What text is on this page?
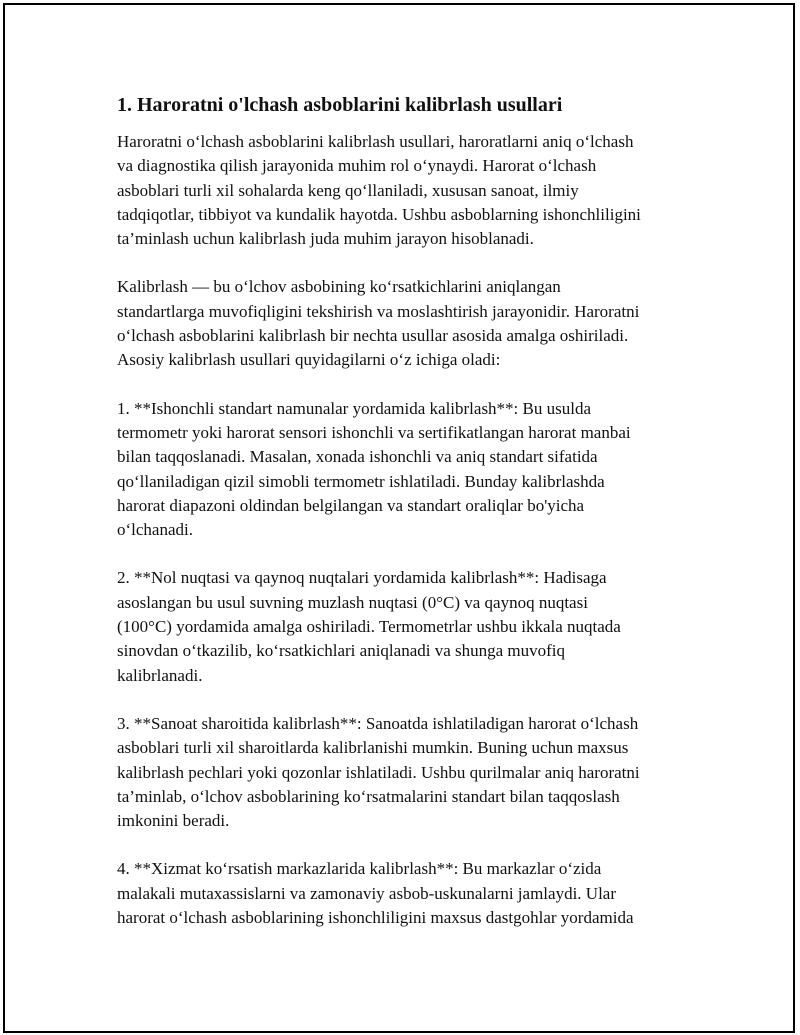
1. Haroratni o'lchash asboblarini kalibrlash usullari

Haroratni o‘lchash asboblarini kalibrlash usullari, haroratlarni aniq o‘lchash
va diagnostika qilish jarayonida muhim rol o‘ynaydi. Harorat o‘lchash
asboblari turli xil sohalarda keng qo‘llaniladi, xususan sanoat, ilmiy
tadqiqotlar, tibbiyot va kundalik hayotda. Ushbu asboblarning ishonchliligini
ta’minlash uchun kalibrlash juda muhim jarayon hisoblanadi.

Kalibrlash — bu o‘lchov asbobining ko‘rsatkichlarini aniqlangan
standartlarga muvofiqligini tekshirish va moslashtirish jarayonidir. Haroratni
o‘lchash asboblarini kalibrlash bir nechta usullar asosida amalga oshiriladi.
Asosiy kalibrlash usullari quyidagilarni o‘z ichiga oladi:

1. **Ishonchli standart namunalar yordamida kalibrlash**: Bu usulda
termometr yoki harorat sensori ishonchli va sertifikatlangan harorat manbai
bilan taqqoslanadi. Masalan, xonada ishonchli va aniq standart sifatida
qo‘llaniladigan qizil simobli termometr ishlatiladi. Bunday kalibrlashda
harorat diapazoni oldindan belgilangan va standart oraliqlar bo'yicha
o‘lchanadi.

2. **Nol nuqtasi va qaynoq nuqtalari yordamida kalibrlash**: Hadisaga
asoslangan bu usul suvning muzlash nuqtasi (0°C) va qaynoq nuqtasi
(100°C) yordamida amalga oshiriladi. Termometrlar ushbu ikkala nuqtada
sinovdan o‘tkazilib, ko‘rsatkichlari aniqlanadi va shunga muvofiq
kalibrlanadi.

3. **Sanoat sharoitida kalibrlash**: Sanoatda ishlatiladigan harorat o‘lchash
asboblari turli xil sharoitlarda kalibrlanishi mumkin. Buning uchun maxsus
kalibrlash pechlari yoki qozonlar ishlatiladi. Ushbu qurilmalar aniq haroratni
ta’minlab, o‘lchov asboblarining ko‘rsatmalarini standart bilan taqqoslash
imkonini beradi.

4. **Xizmat ko‘rsatish markazlarida kalibrlash**: Bu markazlar o‘zida
malakali mutaxassislarni va zamonaviy asbob-uskunalarni jamlaydi. Ular
harorat o‘lchash asboblarining ishonchliligini maxsus dastgohlar yordamida
